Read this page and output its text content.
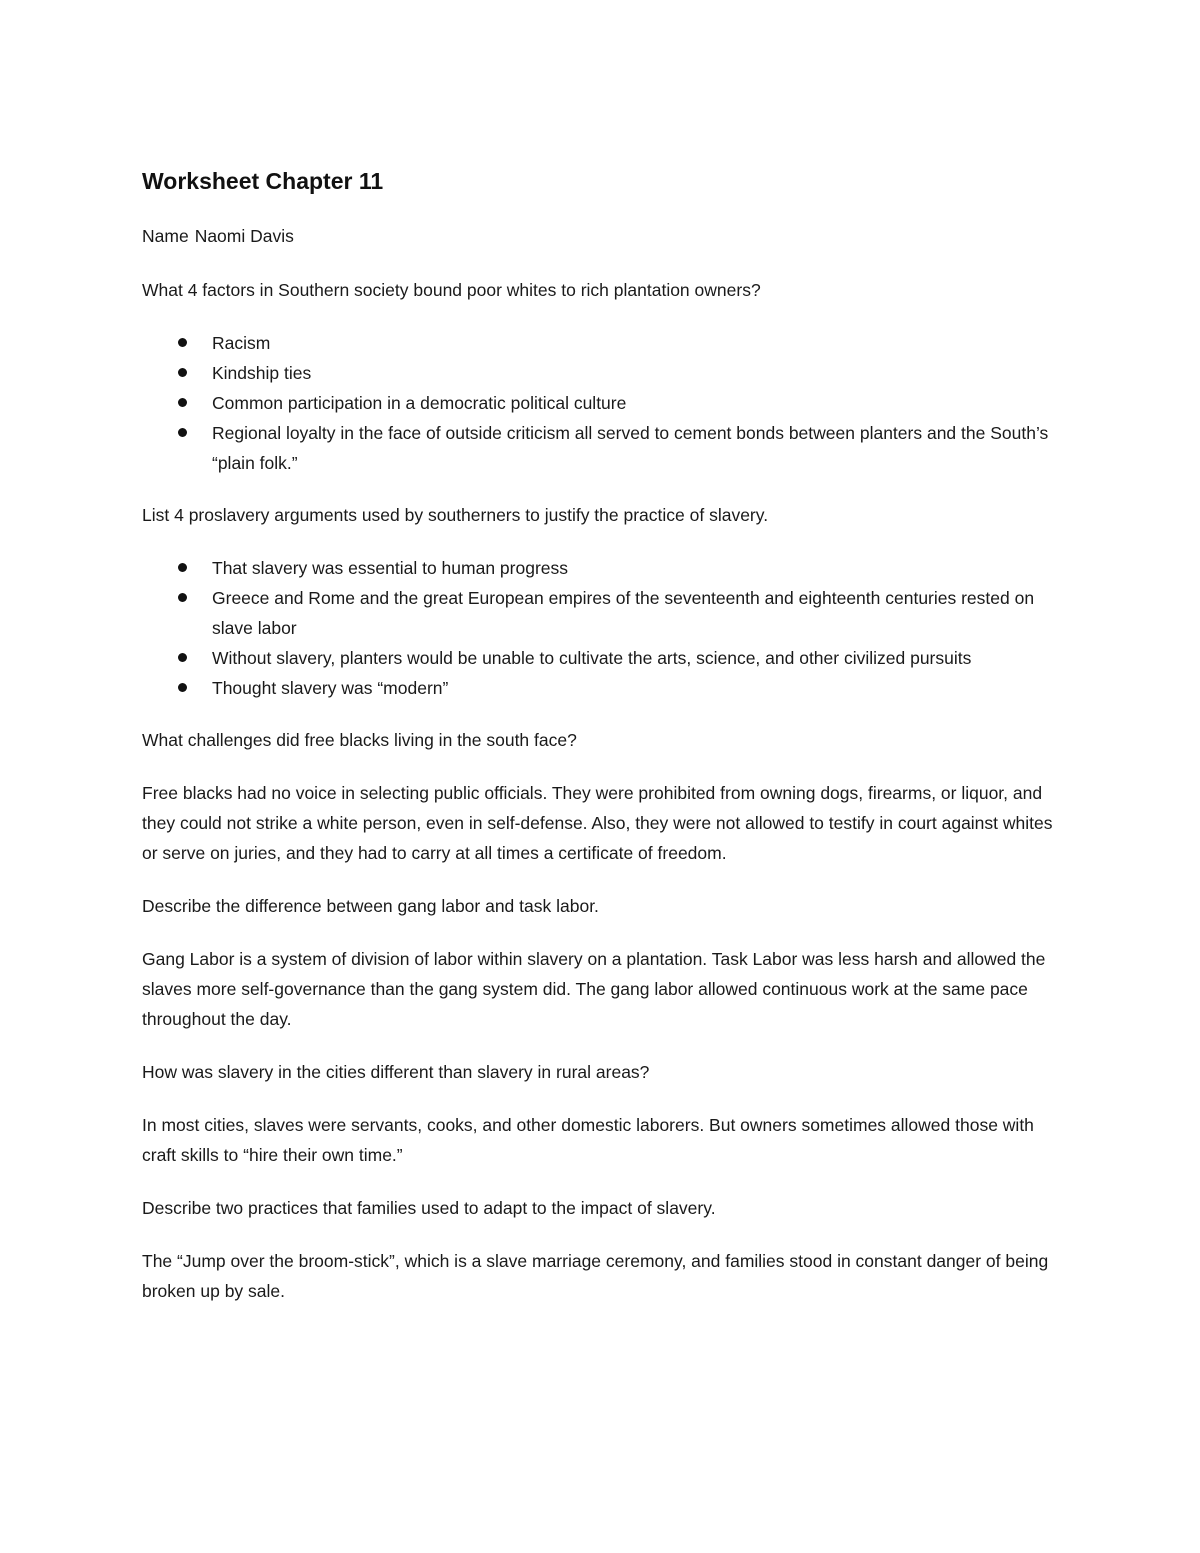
Worksheet Chapter 11
Name Naomi Davis
What 4 factors in Southern society bound poor whites to rich plantation owners?
Racism
Kindship ties
Common participation in a democratic political culture
Regional loyalty in the face of outside criticism all served to cement bonds between planters and the South’s “plain folk.”
List 4 proslavery arguments used by southerners to justify the practice of slavery.
That slavery was essential to human progress
Greece and Rome and the great European empires of the seventeenth and eighteenth centuries rested on slave labor
Without slavery, planters would be unable to cultivate the arts, science, and other civilized pursuits
Thought slavery was “modern”
What challenges did free blacks living in the south face?
Free blacks had no voice in selecting public officials. They were prohibited from owning dogs, firearms, or liquor, and they could not strike a white person, even in self-defense. Also, they were not allowed to testify in court against whites or serve on juries, and they had to carry at all times a certificate of freedom.
Describe the difference between gang labor and task labor.
Gang Labor is a system of division of labor within slavery on a plantation. Task Labor was less harsh and allowed the slaves more self-governance than the gang system did. The gang labor allowed continuous work at the same pace throughout the day.
How was slavery in the cities different than slavery in rural areas?
In most cities, slaves were servants, cooks, and other domestic laborers. But owners sometimes allowed those with craft skills to “hire their own time.”
Describe two practices that families used to adapt to the impact of slavery.
The “Jump over the broom-stick”, which is a slave marriage ceremony, and families stood in constant danger of being broken up by sale.
